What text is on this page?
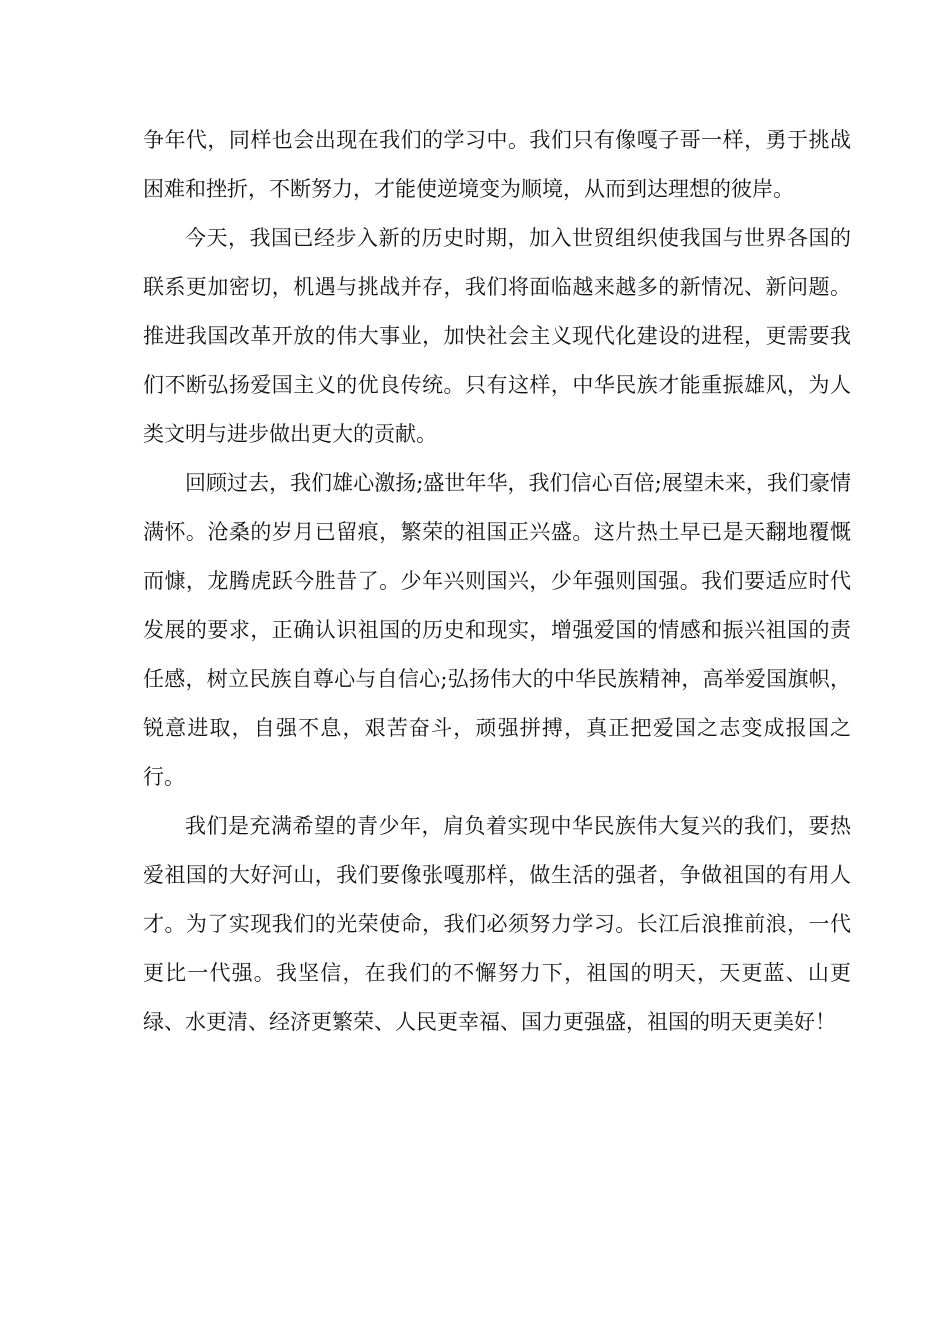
争年代，同样也会出现在我们的学习中。我们只有像嘎子哥一样，勇于挑战困难和挫折，不断努力，才能使逆境变为顺境，从而到达理想的彼岸。

今天，我国已经步入新的历史时期，加入世贸组织使我国与世界各国的联系更加密切，机遇与挑战并存，我们将面临越来越多的新情况、新问题。推进我国改革开放的伟大事业，加快社会主义现代化建设的进程，更需要我们不断弘扬爱国主义的优良传统。只有这样，中华民族才能重振雄风，为人类文明与进步做出更大的贡献。

回顾过去，我们雄心激扬;盛世年华，我们信心百倍;展望未来，我们豪情满怀。沧桑的岁月已留痕，繁荣的祖国正兴盛。这片热土早已是天翻地覆慨而慷，龙腾虎跃今胜昔了。少年兴则国兴，少年强则国强。我们要适应时代发展的要求，正确认识祖国的历史和现实，增强爱国的情感和振兴祖国的责任感，树立民族自尊心与自信心;弘扬伟大的中华民族精神，高举爱国旗帜，锐意进取，自强不息，艰苦奋斗，顽强拼搏，真正把爱国之志变成报国之行。

我们是充满希望的青少年，肩负着实现中华民族伟大复兴的我们，要热爱祖国的大好河山，我们要像张嘎那样，做生活的强者，争做祖国的有用人才。为了实现我们的光荣使命，我们必须努力学习。长江后浪推前浪，一代更比一代强。我坚信，在我们的不懈努力下，祖国的明天，天更蓝、山更绿、水更清、经济更繁荣、人民更幸福、国力更强盛，祖国的明天更美好！
